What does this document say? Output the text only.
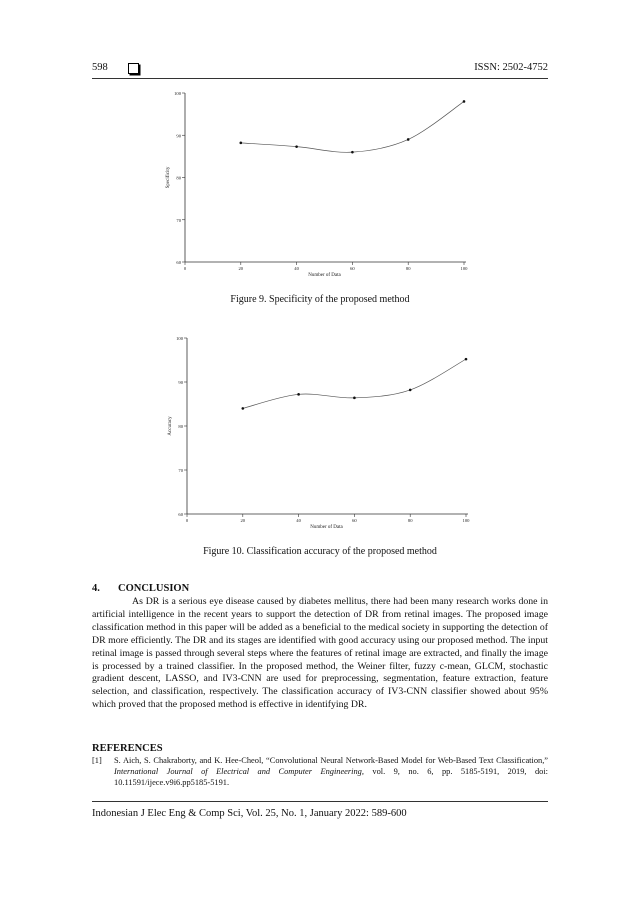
598	ISSN: 2502-4752
60
70
80
90
100
0	20	40	60	80	100
Number of Data
Specificity
Figure 9. Specificity of the proposed method
60
70
80
90
100
0	20	40	60	80	100
Number of Data
Accuracy
Figure 10. Classification accuracy of the proposed method
4. CONCLUSION
As DR is a serious eye disease caused by diabetes mellitus, there had been many research works done in artificial intelligence in the recent years to support the detection of DR from retinal images. The proposed image classification method in this paper will be added as a beneficial to the medical society in supporting the detection of DR more efficiently. The DR and its stages are identified with good accuracy using our proposed method. The input retinal image is passed through several steps where the features of retinal image are extracted, and finally the image is processed by a trained classifier. In the proposed method, the Weiner filter, fuzzy c-mean, GLCM, stochastic gradient descent, LASSO, and IV3-CNN are used for preprocessing, segmentation, feature extraction, feature selection, and classification, respectively. The classification accuracy of IV3-CNN classifier showed about 95% which proved that the proposed method is effective in identifying DR.
REFERENCES
[1] S. Aich, S. Chakraborty, and K. Hee-Cheol, “Convolutional Neural Network-Based Model for Web-Based Text Classification,” International Journal of Electrical and Computer Engineering, vol. 9, no. 6, pp. 5185-5191, 2019, doi: 10.11591/ijece.v9i6.pp5185-5191.
Indonesian J Elec Eng & Comp Sci, Vol. 25, No. 1, January 2022: 589-600
